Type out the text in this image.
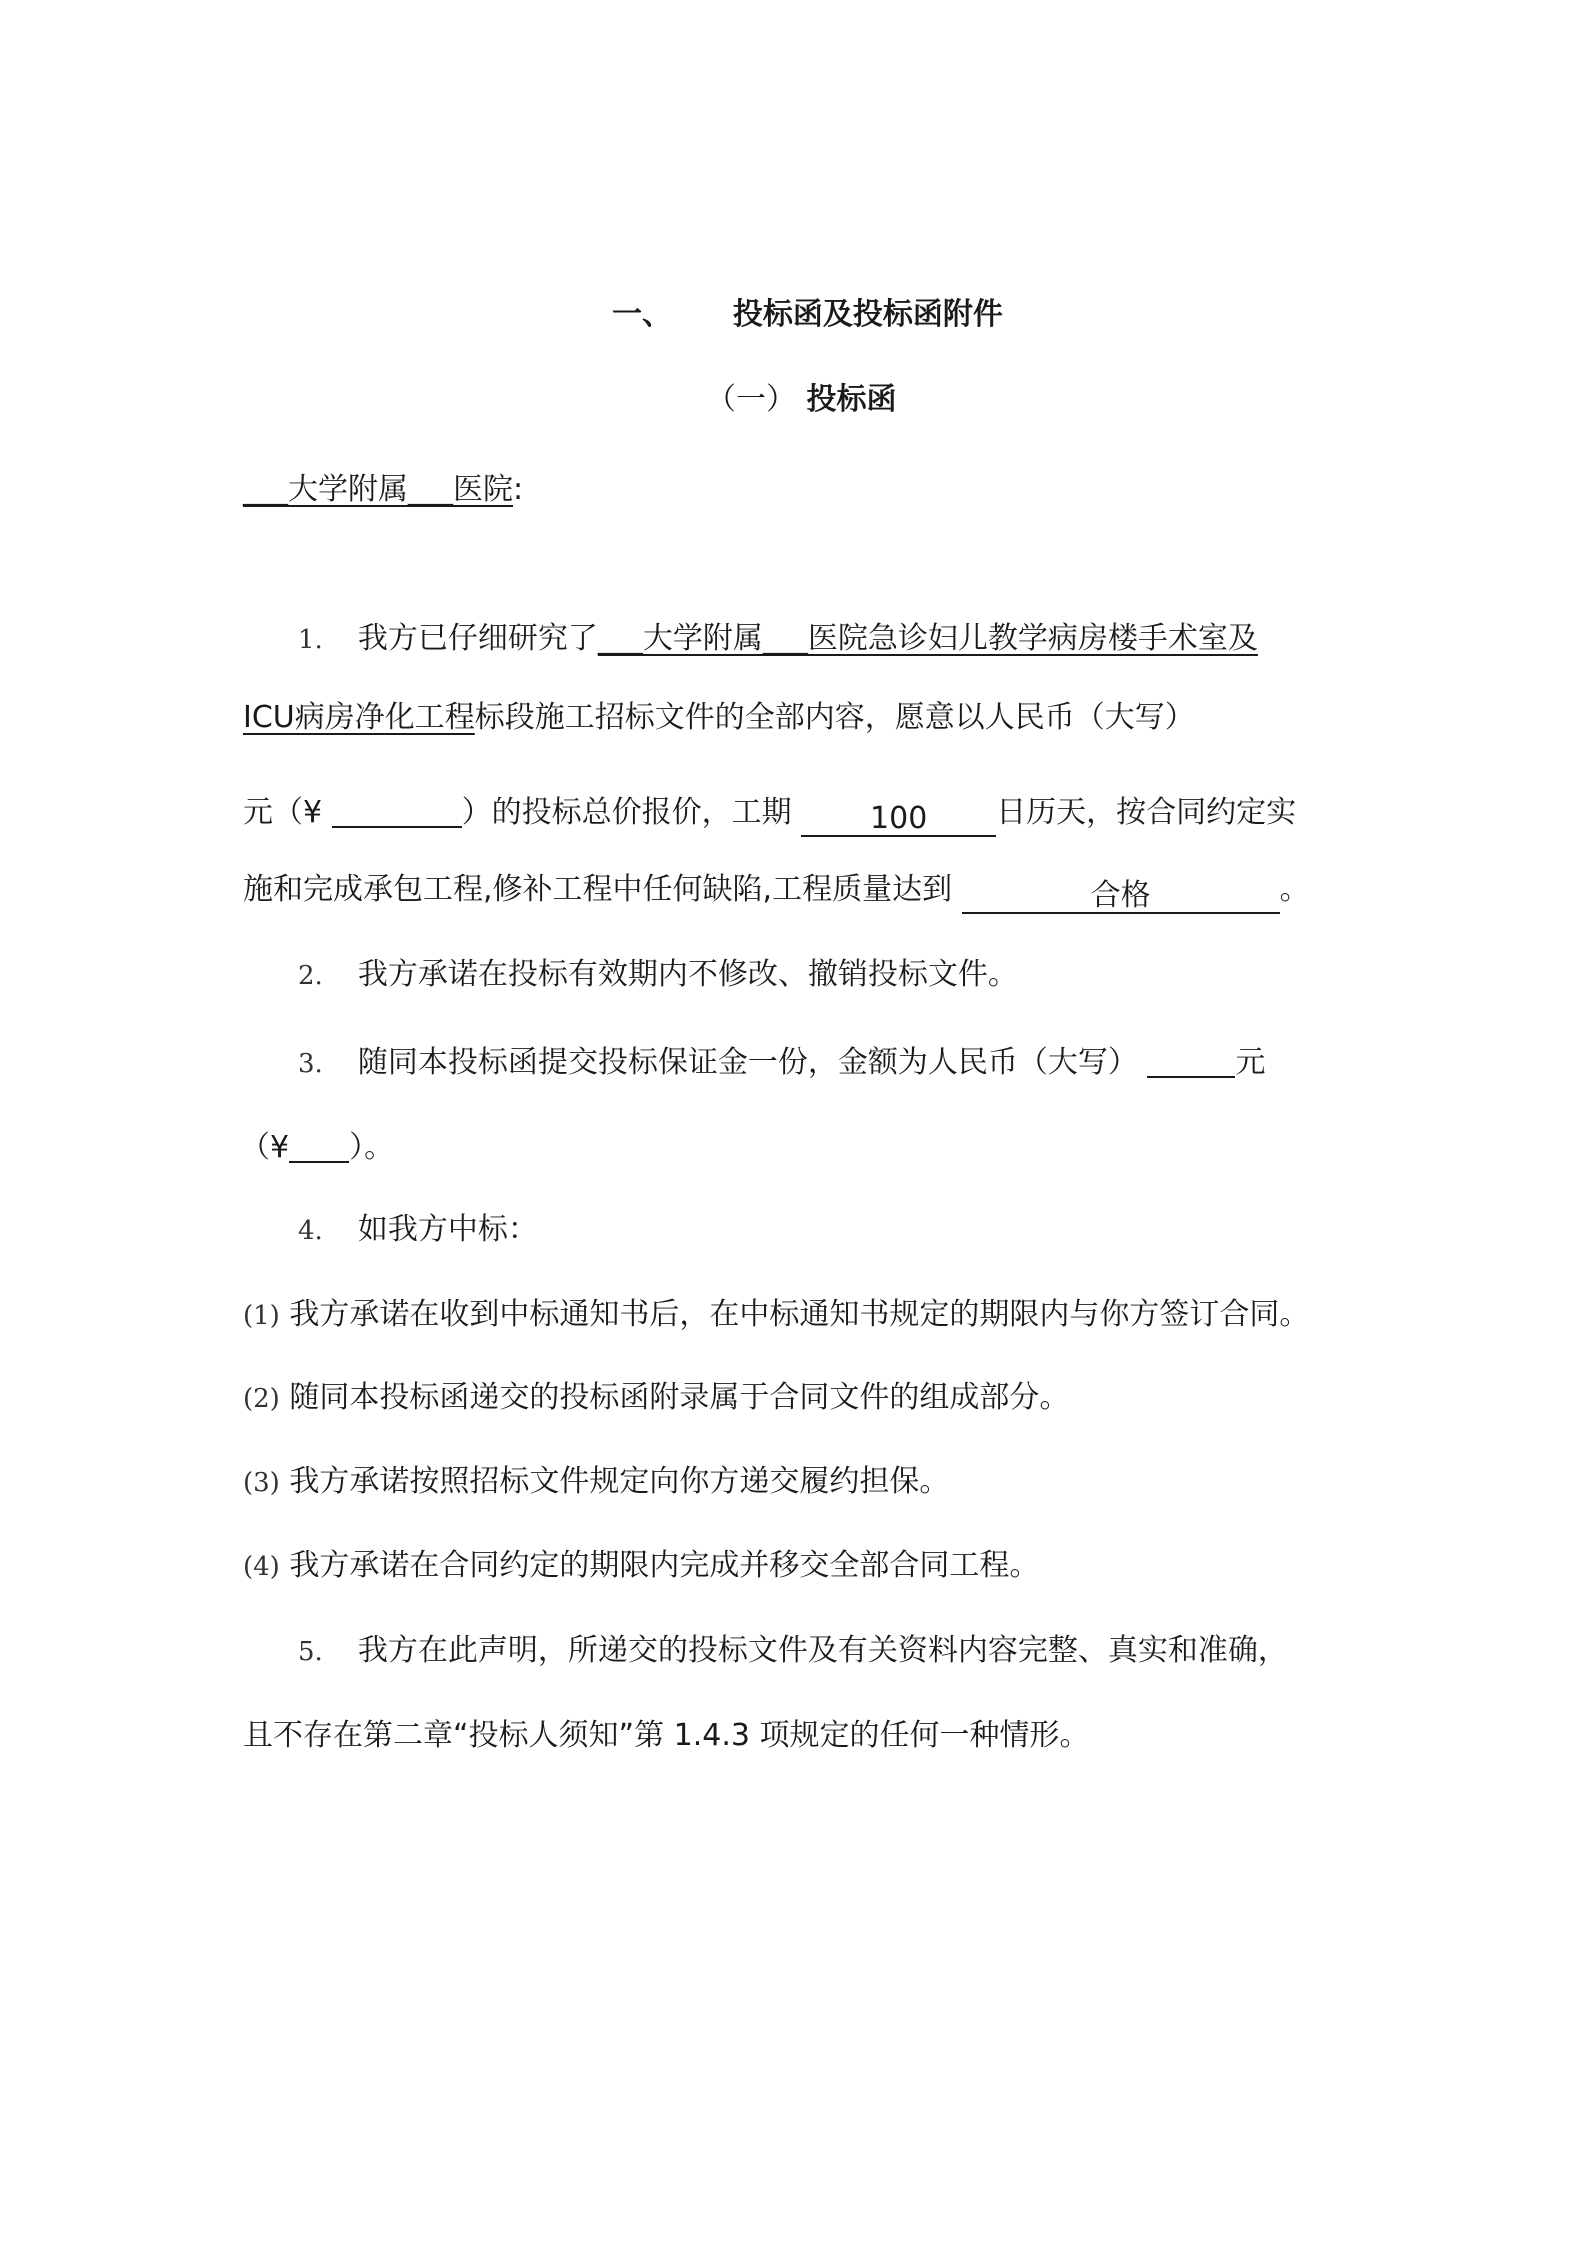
一、 投标函及投标函附件
（一） 投标函
___大学附属___医院:
1. 我方已仔细研究了___大学附属___医院急诊妇儿教学病房楼手术室及
ICU病房净化工程标段施工招标文件的全部内容，愿意以人民币（大写）
元（¥	）的投标总价报价，工期	100 日历天，按合同约定实
施和完成承包工程,修补工程中任何缺陷,工程质量达到	合格	。
2. 我方承诺在投标有效期内不修改、撤销投标文件。
3. 随同本投标函提交投标保证金一份，金额为人民币（大写）	元
（¥ ）。
4. 如我方中标：
(1) 我方承诺在收到中标通知书后，在中标通知书规定的期限内与你方签订合同。
(2) 随同本投标函递交的投标函附录属于合同文件的组成部分。
(3) 我方承诺按照招标文件规定向你方递交履约担保。
(4) 我方承诺在合同约定的期限内完成并移交全部合同工程。
5. 我方在此声明，所递交的投标文件及有关资料内容完整、真实和准确，
且不存在第二章“投标人须知”第 1.4.3 项规定的任何一种情形。
